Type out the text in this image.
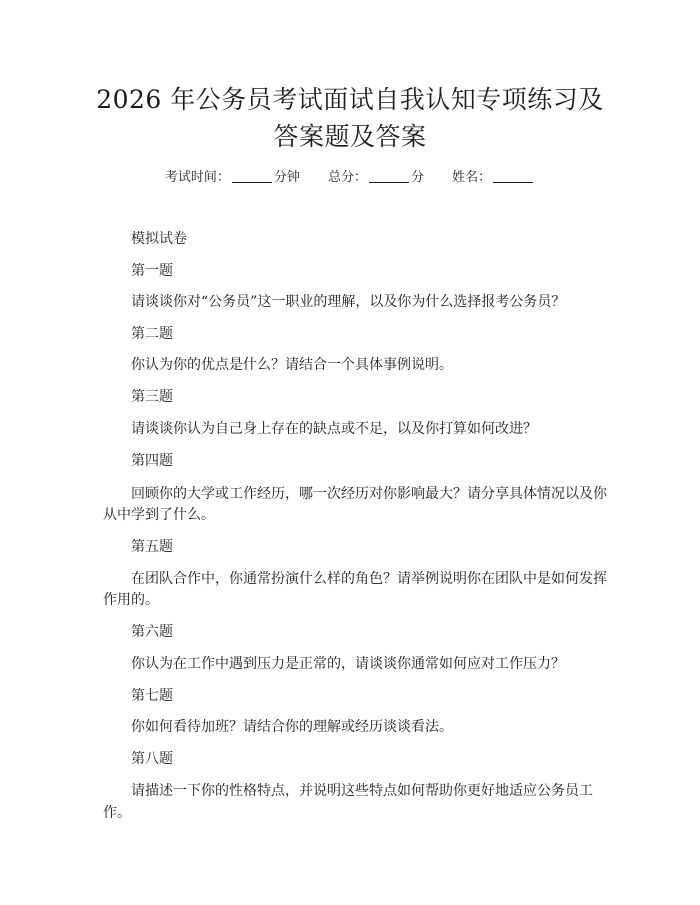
2026 年公务员考试面试自我认知专项练习及
答案题及答案
考试时间：	分钟 总分：	分 姓名：
模拟试卷
第一题
请谈谈你对“公务员”这一职业的理解，以及你为什么选择报考公务员？
第二题
你认为你的优点是什么？请结合一个具体事例说明。
第三题
请谈谈你认为自己身上存在的缺点或不足，以及你打算如何改进？
第四题
回顾你的大学或工作经历，哪一次经历对你影响最大？请分享具体情况以及你
从中学到了什么。
第五题
在团队合作中，你通常扮演什么样的角色？请举例说明你在团队中是如何发挥
作用的。
第六题
你认为在工作中遇到压力是正常的，请谈谈你通常如何应对工作压力？
第七题
你如何看待加班？请结合你的理解或经历谈谈看法。
第八题
请描述一下你的性格特点，并说明这些特点如何帮助你更好地适应公务员工
作。
